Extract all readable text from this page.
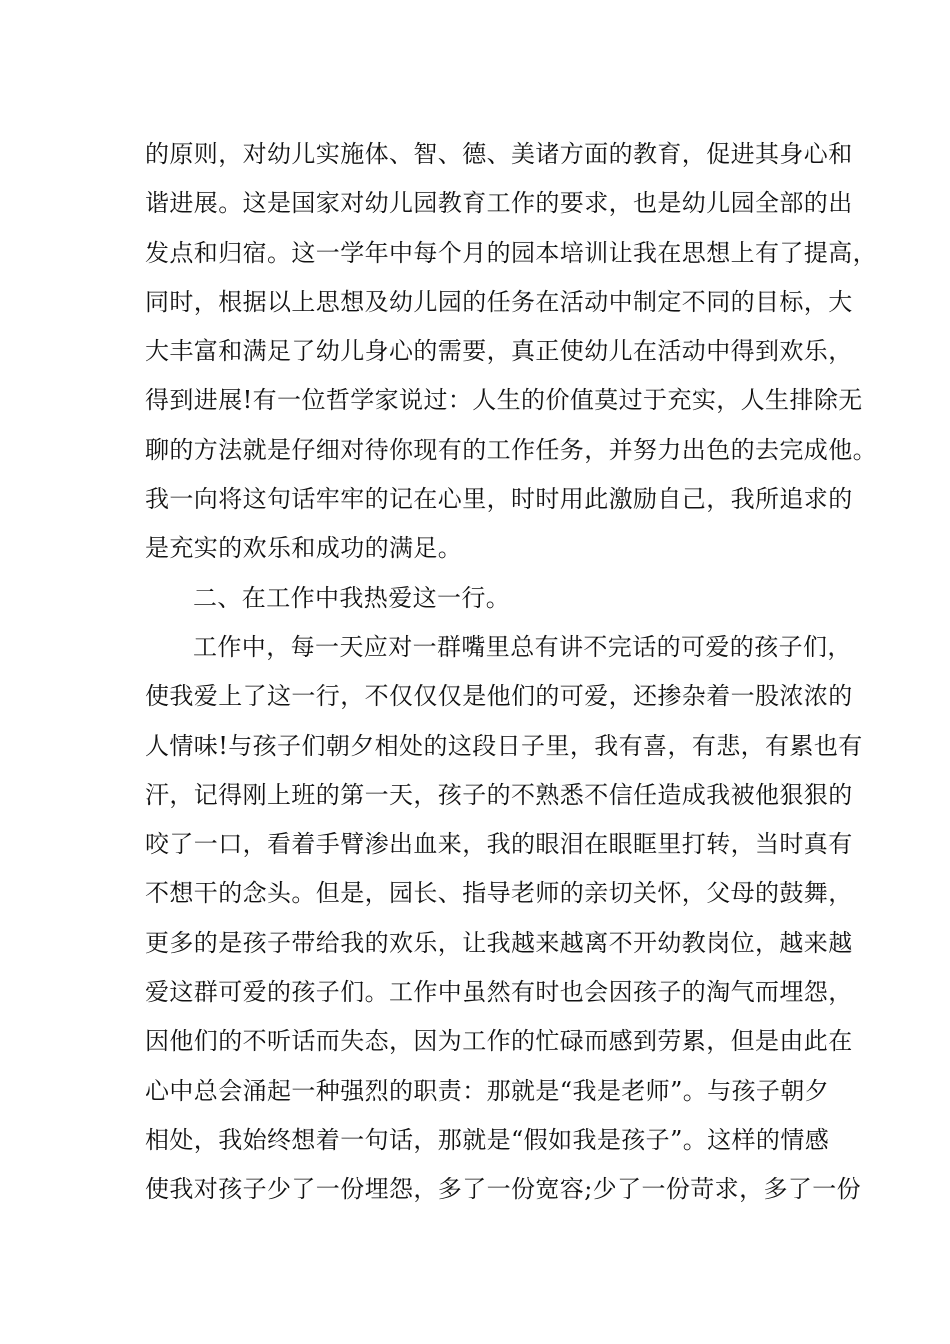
的原则，对幼儿实施体、智、德、美诸方面的教育，促进其身心和
谐进展。这是国家对幼儿园教育工作的要求，也是幼儿园全部的出
发点和归宿。这一学年中每个月的园本培训让我在思想上有了提高，
同时，根据以上思想及幼儿园的任务在活动中制定不同的目标，大
大丰富和满足了幼儿身心的需要，真正使幼儿在活动中得到欢乐，
得到进展!有一位哲学家说过：人生的价值莫过于充实，人生排除无
聊的方法就是仔细对待你现有的工作任务，并努力出色的去完成他。
我一向将这句话牢牢的记在心里，时时用此激励自己，我所追求的
是充实的欢乐和成功的满足。
二、在工作中我热爱这一行。
工作中，每一天应对一群嘴里总有讲不完话的可爱的孩子们，
使我爱上了这一行，不仅仅仅是他们的可爱，还掺杂着一股浓浓的
人情味!与孩子们朝夕相处的这段日子里，我有喜，有悲，有累也有
汗，记得刚上班的第一天，孩子的不熟悉不信任造成我被他狠狠的
咬了一口，看着手臂渗出血来，我的眼泪在眼眶里打转，当时真有
不想干的念头。但是，园长、指导老师的亲切关怀，父母的鼓舞，
更多的是孩子带给我的欢乐，让我越来越离不开幼教岗位，越来越
爱这群可爱的孩子们。工作中虽然有时也会因孩子的淘气而埋怨，
因他们的不听话而失态，因为工作的忙碌而感到劳累，但是由此在
心中总会涌起一种强烈的职责：那就是“我是老师”。与孩子朝夕
相处，我始终想着一句话，那就是“假如我是孩子”。这样的情感
使我对孩子少了一份埋怨，多了一份宽容;少了一份苛求，多了一份
